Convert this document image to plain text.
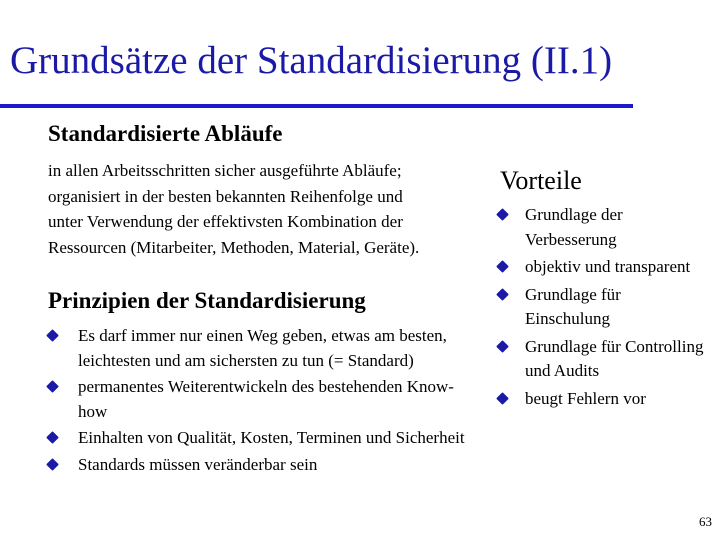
Grundsätze der Standardisierung (II.1)
Standardisierte Abläufe
in allen Arbeitsschritten sicher ausgeführte Abläufe;
organisiert in der besten bekannten Reihenfolge und
unter Verwendung der effektivsten Kombination der
Ressourcen (Mitarbeiter, Methoden, Material, Geräte).
Prinzipien der Standardisierung
Es darf immer nur einen Weg geben, etwas am besten, leichtesten und am sichersten zu tun (= Standard)
permanentes Weiterentwickeln des bestehenden Know-how
Einhalten von Qualität, Kosten, Terminen und Sicherheit
Standards müssen veränderbar sein
Vorteile
Grundlage der Verbesserung
objektiv und transparent
Grundlage für Einschulung
Grundlage für Controlling und Audits
beugt Fehlern vor
63
